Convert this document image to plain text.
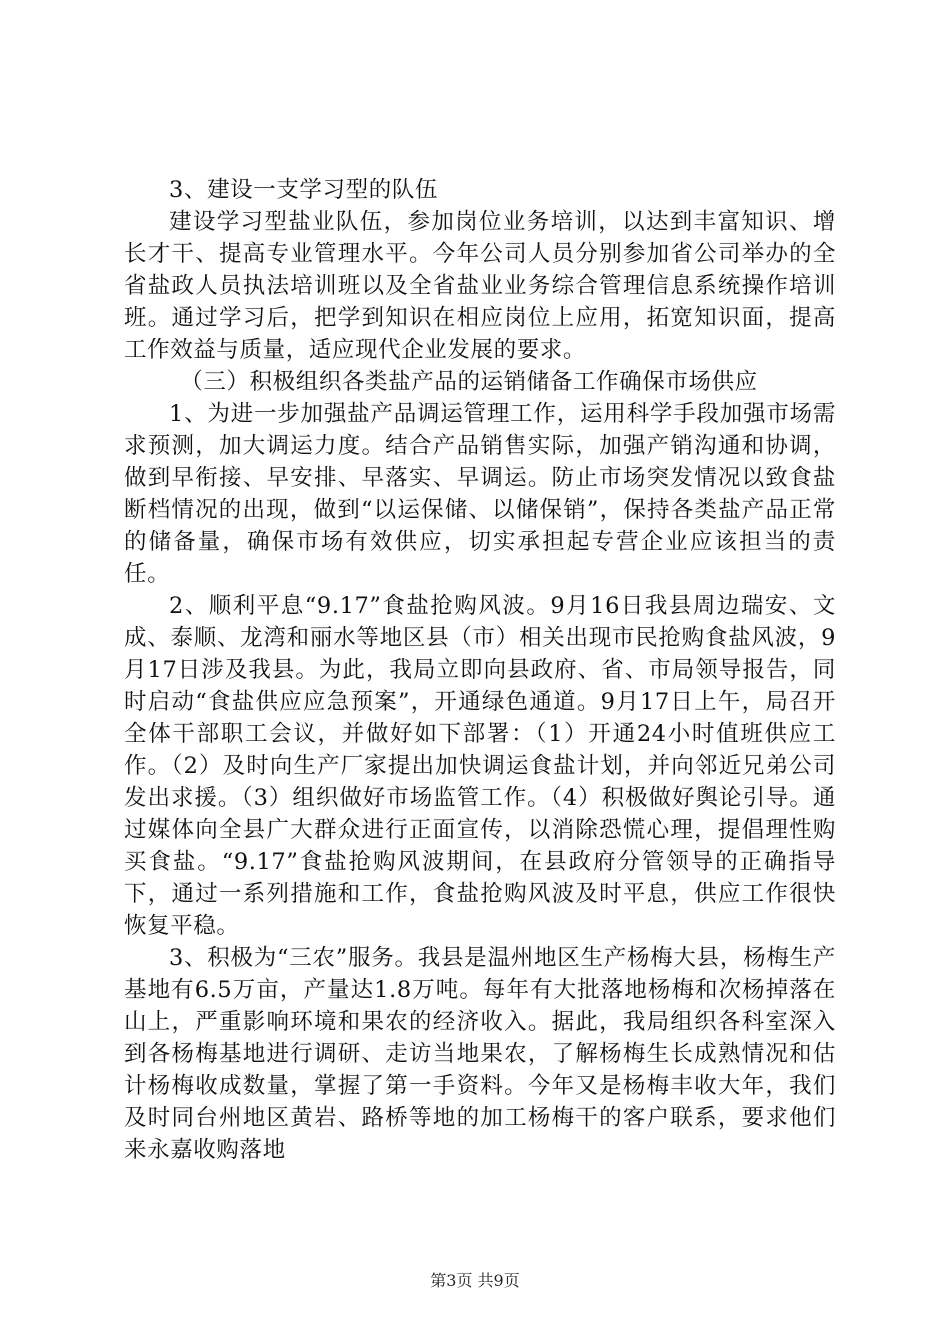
3、建设一支学习型的队伍

建设学习型盐业队伍，参加岗位业务培训，以达到丰富知识、增长才干、提高专业管理水平。今年公司人员分别参加省公司举办的全省盐政人员执法培训班以及全省盐业业务综合管理信息系统操作培训班。通过学习后，把学到知识在相应岗位上应用，拓宽知识面，提高工作效益与质量，适应现代企业发展的要求。

（三）积极组织各类盐产品的运销储备工作确保市场供应

1、为进一步加强盐产品调运管理工作，运用科学手段加强市场需求预测，加大调运力度。结合产品销售实际，加强产销沟通和协调，做到早衔接、早安排、早落实、早调运。防止市场突发情况以致食盐断档情况的出现，做到“以运保储、以储保销”，保持各类盐产品正常的储备量，确保市场有效供应，切实承担起专营企业应该担当的责任。

2、顺利平息“9.17”食盐抢购风波。9月16日我县周边瑞安、文成、泰顺、龙湾和丽水等地区县（市）相关出现市民抢购食盐风波，9月17日涉及我县。为此，我局立即向县政府、省、市局领导报告，同时启动“食盐供应应急预案”，开通绿色通道。9月17日上午，局召开全体干部职工会议，并做好如下部署：（1）开通24小时值班供应工作。（2）及时向生产厂家提出加快调运食盐计划，并向邻近兄弟公司发出求援。（3）组织做好市场监管工作。（4）积极做好舆论引导。通过媒体向全县广大群众进行正面宣传，以消除恐慌心理，提倡理性购买食盐。“9.17”食盐抢购风波期间，在县政府分管领导的正确指导下，通过一系列措施和工作，食盐抢购风波及时平息，供应工作很快恢复平稳。

3、积极为“三农”服务。我县是温州地区生产杨梅大县，杨梅生产基地有6.5万亩，产量达1.8万吨。每年有大批落地杨梅和次杨掉落在山上，严重影响环境和果农的经济收入。据此，我局组织各科室深入到各杨梅基地进行调研、走访当地果农，了解杨梅生长成熟情况和估计杨梅收成数量，掌握了第一手资料。今年又是杨梅丰收大年，我们及时同台州地区黄岩、路桥等地的加工杨梅干的客户联系，要求他们来永嘉收购落地

第3页 共9页
